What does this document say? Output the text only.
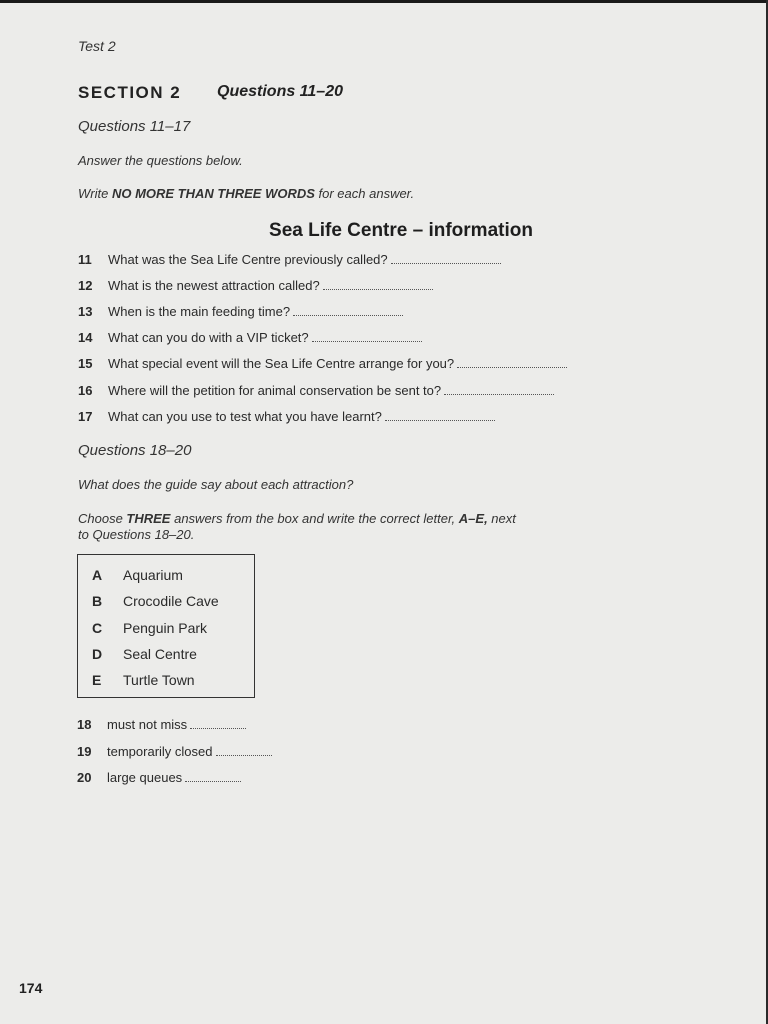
Test 2
SECTION 2 Questions 11–20
Questions 11–17
Answer the questions below.
Write NO MORE THAN THREE WORDS for each answer.
Sea Life Centre – information
11 What was the Sea Life Centre previously called?
12 What is the newest attraction called?
13 When is the main feeding time?
14 What can you do with a VIP ticket?
15 What special event will the Sea Life Centre arrange for you?
16 Where will the petition for animal conservation be sent to?
17 What can you use to test what you have learnt?
Questions 18–20
What does the guide say about each attraction?
Choose THREE answers from the box and write the correct letter, A–E, next
to Questions 18–20.
A Aquarium
B Crocodile Cave
C Penguin Park
D Seal Centre
E Turtle Town
18 must not miss
19 temporarily closed
20 large queues
174
